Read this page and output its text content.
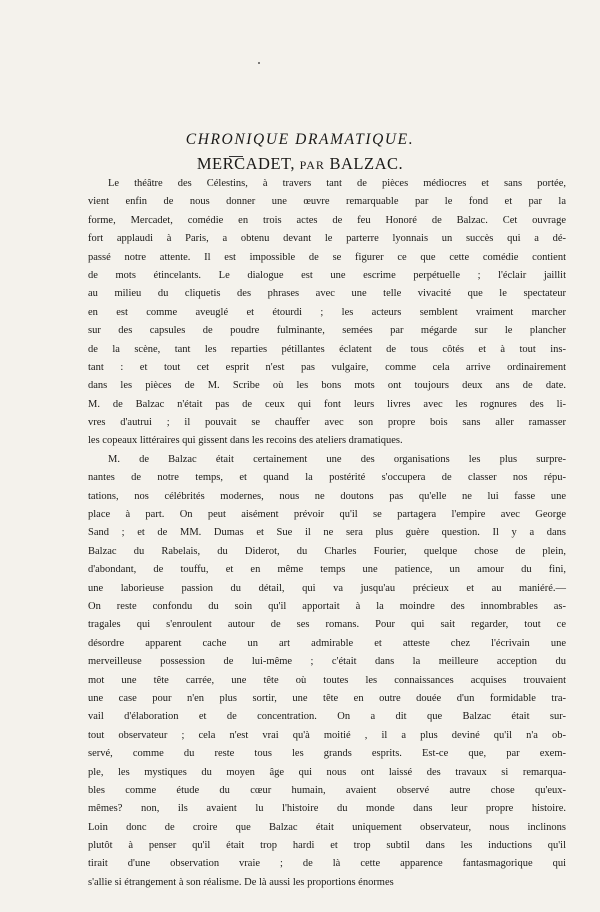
CHRONIQUE DRAMATIQUE.
MERCADET, PAR BALZAC.
Le théâtre des Célestins, à travers tant de pièces médiocres et sans portée,
vient enfin de nous donner une œuvre remarquable par le fond et par la
forme, Mercadet, comédie en trois actes de feu Honoré de Balzac. Cet ouvrage
fort applaudi à Paris, a obtenu devant le parterre lyonnais un succès qui a dé-
passé notre attente. Il est impossible de se figurer ce que cette comédie contient
de mots étincelants. Le dialogue est une escrime perpétuelle ; l'éclair jaillit
au milieu du cliquetis des phrases avec une telle vivacité que le spectateur
en est comme aveuglé et étourdi ; les acteurs semblent vraiment marcher
sur des capsules de poudre fulminante, semées par mégarde sur le plancher
de la scène, tant les reparties pétillantes éclatent de tous côtés et à tout ins-
tant : et tout cet esprit n'est pas vulgaire, comme cela arrive ordinairement
dans les pièces de M. Scribe où les bons mots ont toujours deux ans de date.
M. de Balzac n'était pas de ceux qui font leurs livres avec les rognures des li-
vres d'autrui ; il pouvait se chauffer avec son propre bois sans aller ramasser
les copeaux littéraires qui gissent dans les recoins des ateliers dramatiques.
M. de Balzac était certainement une des organisations les plus surpre-
nantes de notre temps, et quand la postérité s'occupera de classer nos répu-
tations, nos célébrités modernes, nous ne doutons pas qu'elle ne lui fasse une
place à part. On peut aisément prévoir qu'il se partagera l'empire avec George
Sand ; et de MM. Dumas et Sue il ne sera plus guère question. Il y a dans
Balzac du Rabelais, du Diderot, du Charles Fourier, quelque chose de plein,
d'abondant, de touffu, et en même temps une patience, un amour du fini,
une laborieuse passion du détail, qui va jusqu'au précieux et au maniéré.—
On reste confondu du soin qu'il apportait à la moindre des innombrables as-
tragales qui s'enroulent autour de ses romans. Pour qui sait regarder, tout ce
désordre apparent cache un art admirable et atteste chez l'écrivain une
merveilleuse possession de lui-même ; c'était dans la meilleure acception du
mot une tête carrée, une tête où toutes les connaissances acquises trouvaient
une case pour n'en plus sortir, une tête en outre douée d'un formidable tra-
vail d'élaboration et de concentration. On a dit que Balzac était sur-
tout observateur ; cela n'est vrai qu'à moitié , il a plus deviné qu'il n'a ob-
servé, comme du reste tous les grands esprits. Est-ce que, par exem-
ple, les mystiques du moyen âge qui nous ont laissé des travaux si remarqua-
bles comme étude du cœur humain, avaient observé autre chose qu'eux-
mêmes? non, ils avaient lu l'histoire du monde dans leur propre histoire.
Loin donc de croire que Balzac était uniquement observateur, nous inclinons
plutôt à penser qu'il était trop hardi et trop subtil dans les inductions qu'il
tirait d'une observation vraie ; de là cette apparence fantasmagorique qui
s'allie si étrangement à son réalisme. De là aussi les proportions énormes
